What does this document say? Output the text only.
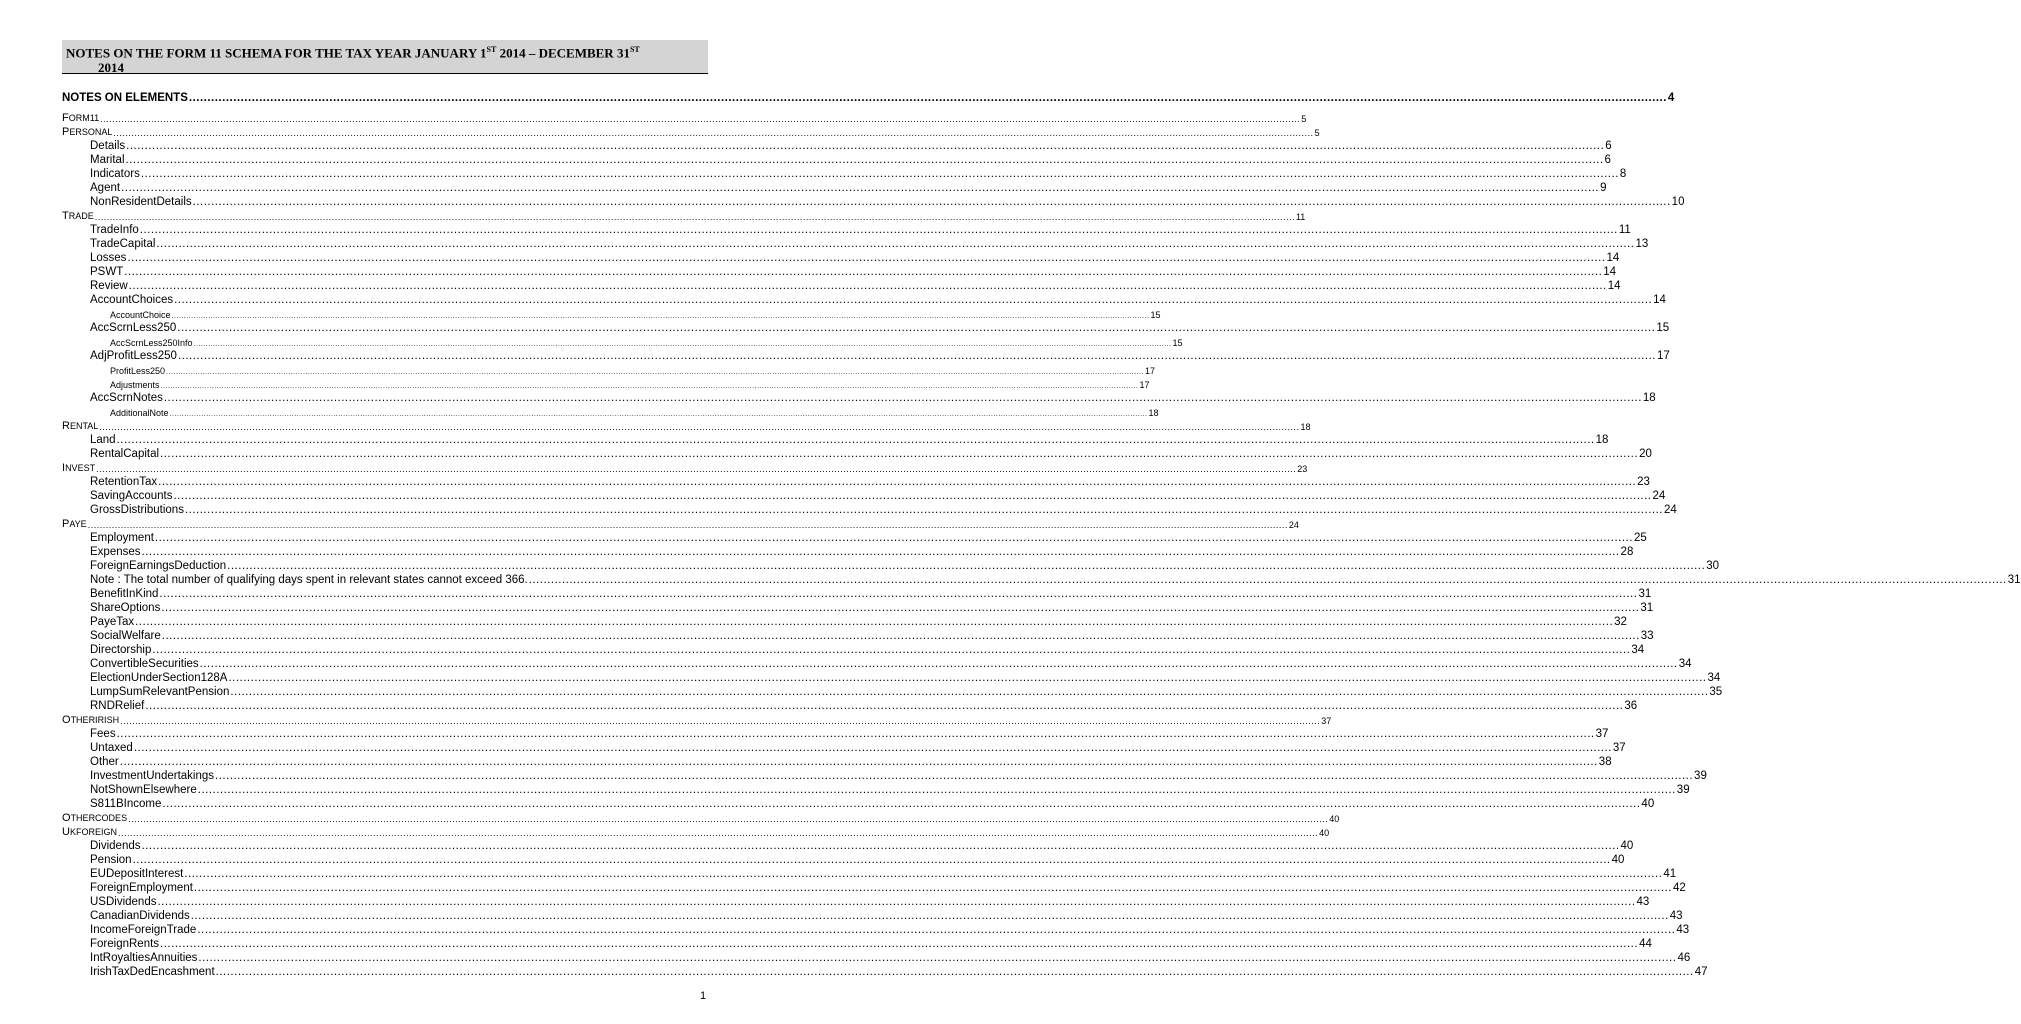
NOTES ON THE FORM 11 SCHEMA FOR THE TAX YEAR JANUARY 1ST 2014 – DECEMBER 31ST
2014
NOTES ON ELEMENTS ................................................................................................................................................................................................................................................................................................................................................................................................................ 4
FORM11 ................................................................................................................................................................................................................................................................................................................................................................................................................ 5
PERSONAL ................................................................................................................................................................................................................................................................................................................................................................................................................ 5
Details ................................................................................................................................................................................................................................................................................................................................................................................................................ 6
Marital ................................................................................................................................................................................................................................................................................................................................................................................................................ 6
Indicators ................................................................................................................................................................................................................................................................................................................................................................................................................ 8
Agent ................................................................................................................................................................................................................................................................................................................................................................................................................ 9
NonResidentDetails ................................................................................................................................................................................................................................................................................................................................................................................................................ 10
TRADE ................................................................................................................................................................................................................................................................................................................................................................................................................ 11
TradeInfo ................................................................................................................................................................................................................................................................................................................................................................................................................ 11
TradeCapital ................................................................................................................................................................................................................................................................................................................................................................................................................ 13
Losses ................................................................................................................................................................................................................................................................................................................................................................................................................ 14
PSWT ................................................................................................................................................................................................................................................................................................................................................................................................................ 14
Review ................................................................................................................................................................................................................................................................................................................................................................................................................ 14
AccountChoices ................................................................................................................................................................................................................................................................................................................................................................................................................ 14
AccountChoice ................................................................................................................................................................................................................................................................................................................................................................................................................ 15
AccScrnLess250 ................................................................................................................................................................................................................................................................................................................................................................................................................ 15
AccScrnLess250Info ................................................................................................................................................................................................................................................................................................................................................................................................................ 15
AdjProfitLess250 ................................................................................................................................................................................................................................................................................................................................................................................................................ 17
ProfitLess250 ................................................................................................................................................................................................................................................................................................................................................................................................................ 17
Adjustments ................................................................................................................................................................................................................................................................................................................................................................................................................ 17
AccScrnNotes ................................................................................................................................................................................................................................................................................................................................................................................................................ 18
AdditionalNote ................................................................................................................................................................................................................................................................................................................................................................................................................ 18
RENTAL ................................................................................................................................................................................................................................................................................................................................................................................................................ 18
Land ................................................................................................................................................................................................................................................................................................................................................................................................................ 18
RentalCapital ................................................................................................................................................................................................................................................................................................................................................................................................................ 20
INVEST ................................................................................................................................................................................................................................................................................................................................................................................................................ 23
RetentionTax ................................................................................................................................................................................................................................................................................................................................................................................................................ 23
SavingAccounts ................................................................................................................................................................................................................................................................................................................................................................................................................ 24
GrossDistributions ................................................................................................................................................................................................................................................................................................................................................................................................................ 24
PAYE ................................................................................................................................................................................................................................................................................................................................................................................................................ 24
Employment ................................................................................................................................................................................................................................................................................................................................................................................................................ 25
Expenses ................................................................................................................................................................................................................................................................................................................................................................................................................ 28
ForeignEarningsDeduction ................................................................................................................................................................................................................................................................................................................................................................................................................ 30
Note : The total number of qualifying days spent in relevant states cannot exceed 366. ................................................................................................................................................................................................................................................................................................................................................................................................................ 31
BenefitInKind ................................................................................................................................................................................................................................................................................................................................................................................................................ 31
ShareOptions ................................................................................................................................................................................................................................................................................................................................................................................................................ 31
PayeTax ................................................................................................................................................................................................................................................................................................................................................................................................................ 32
SocialWelfare ................................................................................................................................................................................................................................................................................................................................................................................................................ 33
Directorship ................................................................................................................................................................................................................................................................................................................................................................................................................ 34
ConvertibleSecurities ................................................................................................................................................................................................................................................................................................................................................................................................................ 34
ElectionUnderSection128A ................................................................................................................................................................................................................................................................................................................................................................................................................ 34
LumpSumRelevantPension ................................................................................................................................................................................................................................................................................................................................................................................................................ 35
RNDRelief ................................................................................................................................................................................................................................................................................................................................................................................................................ 36
OTHERIRISH ................................................................................................................................................................................................................................................................................................................................................................................................................ 37
Fees ................................................................................................................................................................................................................................................................................................................................................................................................................ 37
Untaxed ................................................................................................................................................................................................................................................................................................................................................................................................................ 37
Other ................................................................................................................................................................................................................................................................................................................................................................................................................ 38
InvestmentUndertakings ................................................................................................................................................................................................................................................................................................................................................................................................................ 39
NotShownElsewhere ................................................................................................................................................................................................................................................................................................................................................................................................................ 39
S811BIncome ................................................................................................................................................................................................................................................................................................................................................................................................................ 40
OTHERCODES ................................................................................................................................................................................................................................................................................................................................................................................................................ 40
UKFOREIGN ................................................................................................................................................................................................................................................................................................................................................................................................................ 40
Dividends ................................................................................................................................................................................................................................................................................................................................................................................................................ 40
Pension ................................................................................................................................................................................................................................................................................................................................................................................................................ 40
EUDepositInterest ................................................................................................................................................................................................................................................................................................................................................................................................................ 41
ForeignEmployment ................................................................................................................................................................................................................................................................................................................................................................................................................ 42
USDividends ................................................................................................................................................................................................................................................................................................................................................................................................................ 43
CanadianDividends ................................................................................................................................................................................................................................................................................................................................................................................................................ 43
IncomeForeignTrade ................................................................................................................................................................................................................................................................................................................................................................................................................ 43
ForeignRents ................................................................................................................................................................................................................................................................................................................................................................................................................ 44
IntRoyaltiesAnnuities ................................................................................................................................................................................................................................................................................................................................................................................................................ 46
IrishTaxDedEncashment ................................................................................................................................................................................................................................................................................................................................................................................................................ 47
1
